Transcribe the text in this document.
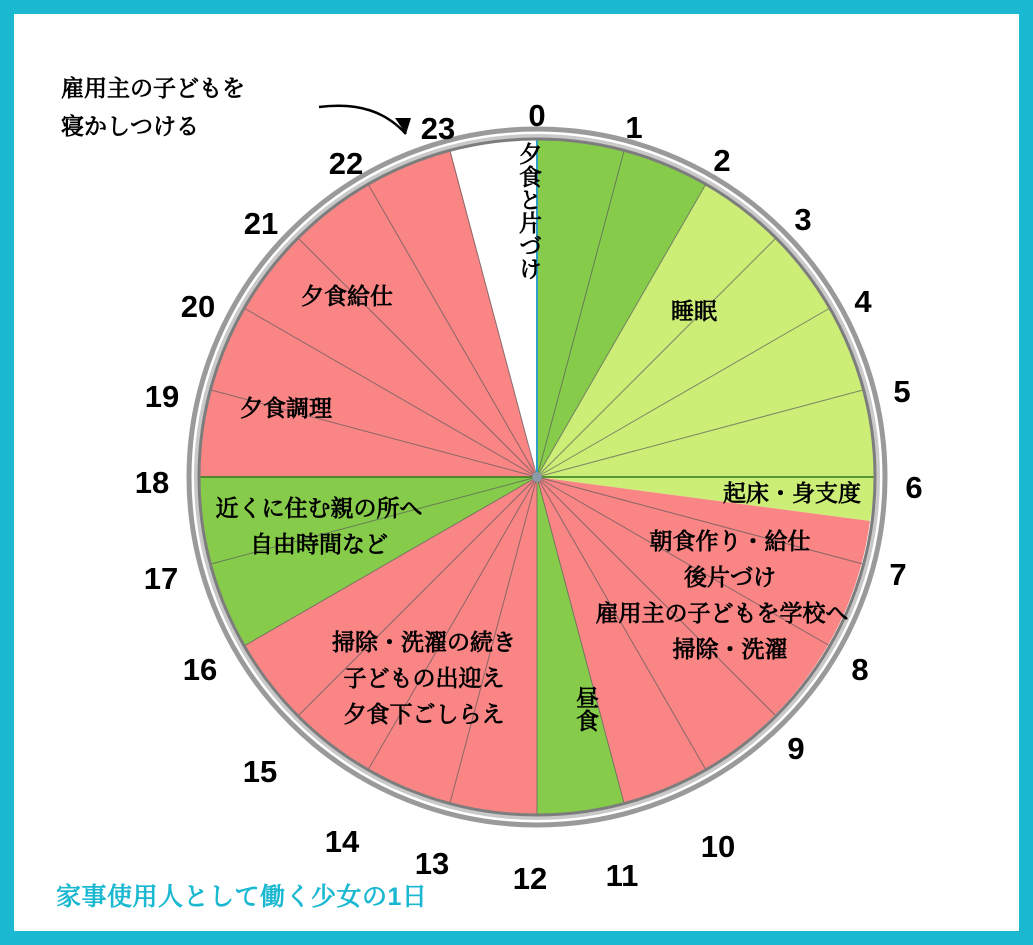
0	1
2
3
4
5
6
7
8
9
10
11
12
13
14
15
16
17
18
19
20
21
22
23
雇用主の子どもを
寝かしつける
睡眠
起床・身支度
朝食作り・給仕
後片づけ
雇用主の子どもを学校へ
掃除・洗濯
掃除・洗濯の続き
子どもの出迎え
夕食下ごしらえ
近くに住む親の所へ
自由時間など
夕食調理
夕食給仕
夕食と片づけ
昼食
家事使用人として働く少女の1日
